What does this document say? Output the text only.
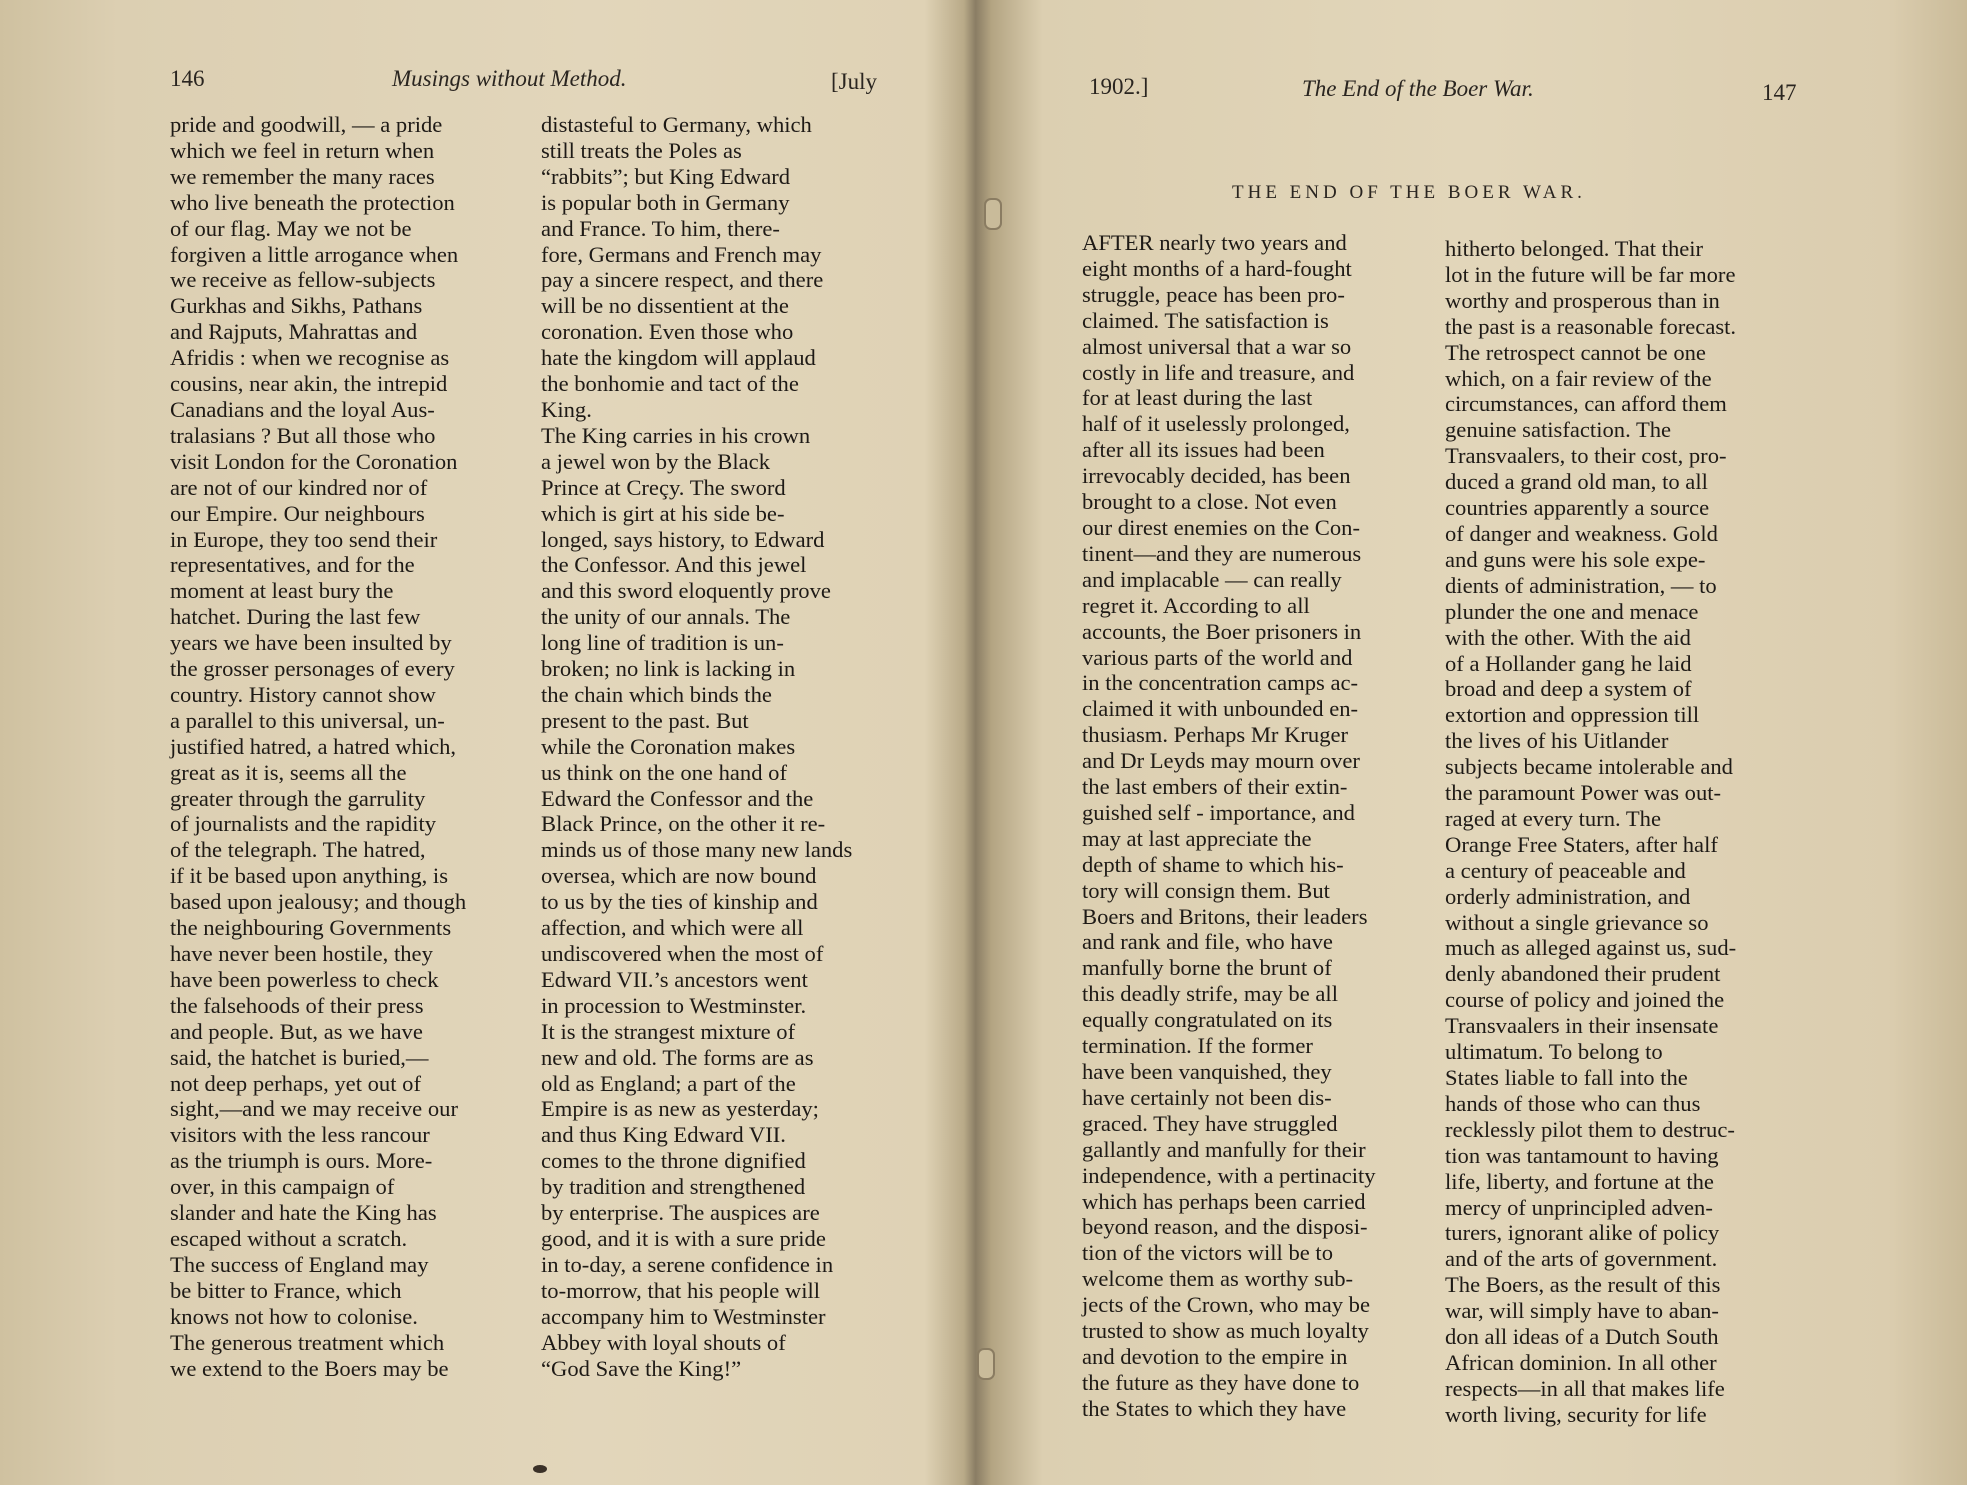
146	Musings without Method.	[July
pride and goodwill, — a pride
which we feel in return when
we remember the many races
who live beneath the protection
of our flag. May we not be
forgiven a little arrogance when
we receive as fellow-subjects
Gurkhas and Sikhs, Pathans
and Rajputs, Mahrattas and
Afridis : when we recognise as
cousins, near akin, the intrepid
Canadians and the loyal Aus-
tralasians ? But all those who
visit London for the Coronation
are not of our kindred nor of
our Empire. Our neighbours
in Europe, they too send their
representatives, and for the
moment at least bury the
hatchet. During the last few
years we have been insulted by
the grosser personages of every
country. History cannot show
a parallel to this universal, un-
justified hatred, a hatred which,
great as it is, seems all the
greater through the garrulity
of journalists and the rapidity
of the telegraph. The hatred,
if it be based upon anything, is
based upon jealousy; and though
the neighbouring Governments
have never been hostile, they
have been powerless to check
the falsehoods of their press
and people. But, as we have
said, the hatchet is buried,—
not deep perhaps, yet out of
sight,—and we may receive our
visitors with the less rancour
as the triumph is ours. More-
over, in this campaign of
slander and hate the King has
escaped without a scratch.
The success of England may
be bitter to France, which
knows not how to colonise.
The generous treatment which
we extend to the Boers may be
distasteful to Germany, which
still treats the Poles as
“rabbits”; but King Edward
is popular both in Germany
and France. To him, there-
fore, Germans and French may
pay a sincere respect, and there
will be no dissentient at the
coronation. Even those who
hate the kingdom will applaud
the bonhomie and tact of the
King.
The King carries in his crown
a jewel won by the Black
Prince at Creçy. The sword
which is girt at his side be-
longed, says history, to Edward
the Confessor. And this jewel
and this sword eloquently prove
the unity of our annals. The
long line of tradition is un-
broken; no link is lacking in
the chain which binds the
present to the past. But
while the Coronation makes
us think on the one hand of
Edward the Confessor and the
Black Prince, on the other it re-
minds us of those many new lands
oversea, which are now bound
to us by the ties of kinship and
affection, and which were all
undiscovered when the most of
Edward VII.’s ancestors went
in procession to Westminster.
It is the strangest mixture of
new and old. The forms are as
old as England; a part of the
Empire is as new as yesterday;
and thus King Edward VII.
comes to the throne dignified
by tradition and strengthened
by enterprise. The auspices are
good, and it is with a sure pride
in to-day, a serene confidence in
to-morrow, that his people will
accompany him to Westminster
Abbey with loyal shouts of
“God Save the King!”
1902.]	The End of the Boer War.	147
THE END OF THE BOER WAR.
AFTER nearly two years and
eight months of a hard-fought
struggle, peace has been pro-
claimed. The satisfaction is
almost universal that a war so
costly in life and treasure, and
for at least during the last
half of it uselessly prolonged,
after all its issues had been
irrevocably decided, has been
brought to a close. Not even
our direst enemies on the Con-
tinent—and they are numerous
and implacable — can really
regret it. According to all
accounts, the Boer prisoners in
various parts of the world and
in the concentration camps ac-
claimed it with unbounded en-
thusiasm. Perhaps Mr Kruger
and Dr Leyds may mourn over
the last embers of their extin-
guished self - importance, and
may at last appreciate the
depth of shame to which his-
tory will consign them. But
Boers and Britons, their leaders
and rank and file, who have
manfully borne the brunt of
this deadly strife, may be all
equally congratulated on its
termination. If the former
have been vanquished, they
have certainly not been dis-
graced. They have struggled
gallantly and manfully for their
independence, with a pertinacity
which has perhaps been carried
beyond reason, and the disposi-
tion of the victors will be to
welcome them as worthy sub-
jects of the Crown, who may be
trusted to show as much loyalty
and devotion to the empire in
the future as they have done to
the States to which they have
hitherto belonged. That their
lot in the future will be far more
worthy and prosperous than in
the past is a reasonable forecast.
The retrospect cannot be one
which, on a fair review of the
circumstances, can afford them
genuine satisfaction. The
Transvaalers, to their cost, pro-
duced a grand old man, to all
countries apparently a source
of danger and weakness. Gold
and guns were his sole expe-
dients of administration, — to
plunder the one and menace
with the other. With the aid
of a Hollander gang he laid
broad and deep a system of
extortion and oppression till
the lives of his Uitlander
subjects became intolerable and
the paramount Power was out-
raged at every turn. The
Orange Free Staters, after half
a century of peaceable and
orderly administration, and
without a single grievance so
much as alleged against us, sud-
denly abandoned their prudent
course of policy and joined the
Transvaalers in their insensate
ultimatum. To belong to
States liable to fall into the
hands of those who can thus
recklessly pilot them to destruc-
tion was tantamount to having
life, liberty, and fortune at the
mercy of unprincipled adven-
turers, ignorant alike of policy
and of the arts of government.
The Boers, as the result of this
war, will simply have to aban-
don all ideas of a Dutch South
African dominion. In all other
respects—in all that makes life
worth living, security for life
